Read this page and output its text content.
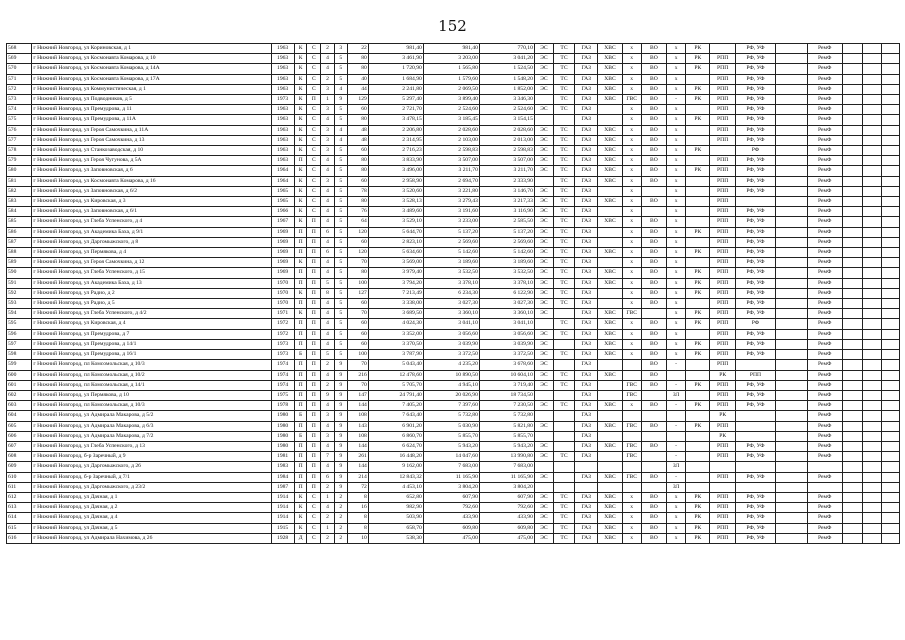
152
568	г Нижний Новгород, ул Кориновская, д 1	1963	К	С	2	3	22	981,40	981,40	770,10	ЭС	ТС	ГАЗ	ХВС	х	ВО	х	РК		РФ, УФ		РемФ			
569	г Нижний Новгород, ул Космонавта Комарова, д 10	1963	К	С	4	5	80	3 461,90	3 203,00	3 041,20	ЭС	ТС	ГАЗ	ХВС	х	ВО	х	РК	РПП	РФ, УФ		РемФ			
570	г Нижний Новгород, ул Космонавта Комарова, д 14А	1963	К	С	4	5	80	1 720,90	1 565,80	1 524,50	ЭС	ТС	ГАЗ	ХВС	х	ВО	х	РК	РПП	РФ, УФ		РемФ			
571	г Нижний Новгород, ул Космонавта Комарова, д 17А	1963	К	С	2	5	40	1 684,90	1 579,60	1 548,20	ЭС	ТС	ГАЗ	ХВС	х	ВО	х		РПП	РФ, УФ		РемФ			
572	г Нижний Новгород, ул Коммунистическая, д 1	1963	К	С	3	4	44	2 241,80	2 069,50	1 852,00	ЭС	ТС	ГАЗ	ХВС	х	ВО	х	РК	РПП	РФ, УФ		РемФ			
573	г Нижний Новгород, ул Подводников, д 5	1973	К	П	1	9	129	5 297,40	3 899,40	3 346,30		ТС	ГАЗ	ХВС	ГВС	ВО	-	РК	РПП	РФ, УФ		РемФ			
574	г Нижний Новгород, ул Премудрова, д 11	1963	К	С	3	5	60	2 721,70	2 524,60	2 524,60	ЭС	ТС	ГАЗ		х	ВО	х		РПП	РФ, УФ		РемФ			
575	г Нижний Новгород, ул Премудрова, д 11А	1963	К	С	4	5	80	3 478,15	3 185,45	3 154,15			ГАЗ		х	ВО	х	РК	РПП	РФ, УФ		РемФ			
576	г Нижний Новгород, ул Героя Самочкина, д 11А	1963	К	С	3	4	48	2 206,80	2 028,60	2 028,60	ЭС	ТС	ГАЗ	ХВС	х	ВО	х		РПП	РФ, УФ		РемФ			
577	г Нижний Новгород, ул Героя Самочкина, д 13	1963	К	С	3	4	48	2 314,95	2 103,00	2 013,00	ЭС	ТС	ГАЗ	ХВС	х	ВО	х		РПП	РФ, УФ		РемФ			
578	г Нижний Новгород, ул Станкозаводская, д 10	1963	К	С	3	5	60	2 716,23	2 598,83	2 598,83	ЭС	ТС	ГАЗ	ХВС	х	ВО	х	РК		РФ		РемФ			
579	г Нижний Новгород, ул Героя Чугунова, д 5А	1963	П	С	4	5	80	3 833,90	3 507,00	3 507,00	ЭС	ТС	ГАЗ	ХВС	х	ВО	х		РПП	РФ, УФ		РемФ			
580	г Нижний Новгород, ул Заповновская, д 6	1964	К	С	4	5	80	3 496,00	3 211,70	3 211,70	ЭС	ТС	ГАЗ	ХВС	х	ВО	х	РК	РПП	РФ, УФ		РемФ			
581	г Нижний Новгород, ул Космонавта Комарова, д 16	1964	К	С	3	5	60	2 958,90	2 694,70	2 333,90		ТС	ГАЗ	ХВС	х	ВО	х		РПП	РФ, УФ		РемФ			
582	г Нижний Новгород, ул Заповновская, д 6/2	1965	К	С	4	5	78	3 520,60	3 221,80	3 146,70	ЭС	ТС	ГАЗ		х		х		РПП	РФ, УФ		РемФ			
583	г Нижний Новгород, ул Кировская, д 3	1965	К	С	4	5	80	3 528,13	3 279,43	3 217,33	ЭС	ТС	ГАЗ	ХВС	х	ВО	х		РПП			РемФ			
584	г Нижний Новгород, ул Заповновская, д 6/1	1966	К	С	4	5	76	3 489,60	3 191,60	3 116,90	ЭС	ТС	ГАЗ		х		х		РПП	РФ, УФ		РемФ			
585	г Нижний Новгород, ул Глеба Успенского, д 4	1967	К	П	4	5	64	3 529,10	3 233,00	2 585,50	ЭС	ТС	ГАЗ	ХВС	х	ВО	х		РПП	РФ, УФ		РемФ			
586	г Нижний Новгород, ул Академика Баха, д 9/1	1969	П	П	6	5	120	5 644,70	5 137,20	5 137,20	ЭС	ТС	ГАЗ		х	ВО	х	РК	РПП	РФ, УФ		РемФ			
587	г Нижний Новгород, ул Даргомыжского, д 8	1969	П	П	4	5	60	2 823,10	2 569,60	2 569,60	ЭС	ТС	ГАЗ		х	ВО	х		РПП	РФ, УФ		РемФ			
588	г Нижний Новгород, ул Пермякова, д 4	1969	П	П	6	5	120	5 634,60	5 142,60	5 142,60	ЭС	ТС	ГАЗ	ХВС	х	ВО	х	РК	РПП	РФ, УФ		РемФ			
589	г Нижний Новгород, ул Героя Самочкина, д 12	1969	К	П	4	5	70	3 569,00	3 189,60	3 189,60	ЭС	ТС	ГАЗ		х	ВО	х		РПП	РФ, УФ		РемФ			
590	г Нижний Новгород, ул Глеба Успенского, д 15	1969	П	П	4	5	80	3 979,40	3 532,50	3 532,50	ЭС	ТС	ГАЗ	ХВС	х	ВО	х	РК	РПП	РФ, УФ		РемФ			
591	г Нижний Новгород, ул Академика Баха, д 13	1970	П	П	5	5	100	3 794,20	3 378,10	3 378,10	ЭС	ТС	ГАЗ	ХВС	х	ВО	х	РК	РПП	РФ, УФ		РемФ			
592	г Нижний Новгород, ул Радио, д 2	1970	К	П	8	5	127	7 213,49	6 234,30	6 122,90	ЭС	ТС	ГАЗ		х	ВО	х	РК	РПП	РФ, УФ		РемФ			
593	г Нижний Новгород, ул Радио, д 5	1970	П	П	4	5	60	3 338,00	3 027,30	3 027,30	ЭС	ТС	ГАЗ		х	ВО	х		РПП	РФ, УФ		РемФ			
594	г Нижний Новгород, ул Глеба Успенского, д 4/2	1971	К	П	4	5	70	3 689,50	3 360,10	3 360,10	ЭС		ГАЗ	ХВС	ГВС		х	РК	РПП	РФ, УФ		РемФ			
595	г Нижний Новгород, ул Кировская, д 4	1972	П	П	4	5	60	4 024,30	3 041,10	3 041,10		ТС	ГАЗ	ХВС	х	ВО	х	РК	РПП	РФ		РемФ			
596	г Нижний Новгород, ул Премудрова, д 7	1972	П	П	4	5	60	3 352,00	3 056,60	3 056,60	ЭС	ТС	ГАЗ	ХВС	х	ВО	х		РПП	РФ, УФ		РемФ			
597	г Нижний Новгород, ул Премудрова, д 14/1	1973	П	П	4	5	60	3 370,50	3 039,90	3 039,90	ЭС		ГАЗ	ХВС	х	ВО	х	РК	РПП	РФ, УФ		РемФ			
598	г Нижний Новгород, ул Премудрова, д 16/1	1973	Б	П	5	5	100	3 787,90	3 372,50	3 372,50	ЭС	ТС	ГАЗ	ХВС	х	ВО	х	РК	РПП	РФ, УФ		РемФ			
599	г Нижний Новгород, пл Комсомольская, д 10/3	1974	П	П	2	9	70	5 043,40	4 235,20	3 678,60	ЭС		ГАЗ			ВО	-		РПП			РемФ			
600	г Нижний Новгород, пл Комсомольская, д 10/2	1974	П	П	4	9	216	12 478,60	10 890,50	10 604,10	ЭС	ТС	ГАЗ	ХВС		ВО			РК	РПП		РемФ			
601	г Нижний Новгород, пл Комсомольская, д 14/1	1974	П	П	2	9	70	5 705,70	4 945,10	3 719,40	ЭС	ТС	ГАЗ		ГВС	ВО	-	РК	РПП	РФ, УФ		РемФ			
602	г Нижний Новгород, ул Пермякова, д 10	1975	П	П	9	9	147	24 791,40	20 026,90	18 734,50			ГАЗ		ГВС		ЗЛ		РПП	РФ, УФ		РемФ			
603	г Нижний Новгород, пл Комсомольская, д 10/3	1978	П	П	4	9	144	7 405,20	7 397,60	7 230,50	ЭС	ТС	ГАЗ	ХВС	х	ВО	-	РК	РПП	РФ, УФ		РемФ			
604	г Нижний Новгород, ул Адмирала Макарова, д 5/2	1980	Б	П	3	9	108	7 643,40	5 732,80	5 732,80			ГАЗ						РК			РемФ			
605	г Нижний Новгород, ул Адмирала Макарова, д 6/3	1980	П	П	4	9	143	6 901,20	5 030,90	5 821,80	ЭС		ГАЗ	ХВС	ГВС	ВО	-	РК	РПП			РемФ			
606	г Нижний Новгород, ул Адмирала Макарова, д 7/2	1980	Б	П	3	9	108	6 860,70	5 855,70	5 855,70			ГАЗ						РК			РемФ			
607	г Нижний Новгород, ул Глеба Успенского, д 13	1980	П	П	4	9	144	6 624,70	5 943,20	5 943,20	ЭС		ГАЗ	ХВС	ГВС	ВО	-		РПП	РФ, УФ		РемФ			
608	г Нижний Новгород, б-р Заречный, д 9	1981	П	П	7	9	261	16 448,20	14 047,60	13 990,80	ЭС	ТС	ГАЗ		ГВС		-		РПП	РФ, УФ		РемФ			
609	г Нижний Новгород, ул Даргомыжского, д 26	1983	П	П	4	9	144	9 162,00	7 683,00	7 683,00							ЗЛ								
610	г Нижний Новгород, б-р Заречный, д 7/1	1984	П	П	6	9	214	12 843,32	11 165,90	11 165,90	ЭС		ГАЗ	ХВС	ГВС	ВО	-		РПП	РФ, УФ		РемФ			
611	г Нижний Новгород, ул Даргомыжского, д 23/2	1987	П	П	2	9	72	4 453,10	3 804,20	3 804,20							ЗЛ								
612	г Нижний Новгород, ул Дачная, д 1	1914	К	С	1	2	8	652,80	607,90	607,90	ЭС	ТС	ГАЗ	ХВС	х	ВО	х	РК	РПП	РФ, УФ		РемФ			
613	г Нижний Новгород, ул Дачная, д 2	1914	К	С	4	2	16	982,90	792,60	792,60	ЭС	ТС	ГАЗ	ХВС	х	ВО	х	РК	РПП	РФ, УФ		РемФ			
614	г Нижний Новгород, ул Дачная, д 4	1914	К	С	2	2	8	503,90	433,90	433,90	ЭС	ТС	ГАЗ	ХВС	х	ВО	х	РК	РПП	РФ, УФ		РемФ			
615	г Нижний Новгород, ул Дачная, д 5	1915	К	С	1	2	8	658,70	609,80	609,80	ЭС	ТС	ГАЗ	ХВС	х	ВО	х	РК	РПП	РФ, УФ		РемФ			
616	г Нижний Новгород, ул Адмирала Нахимова, д 26	1928	Д	С	2	2	10	538,30	475,00	475,00	ЭС	ТС	ГАЗ	ХВС	х	ВО	х	РК	РПП	РФ, УФ		РемФ			
